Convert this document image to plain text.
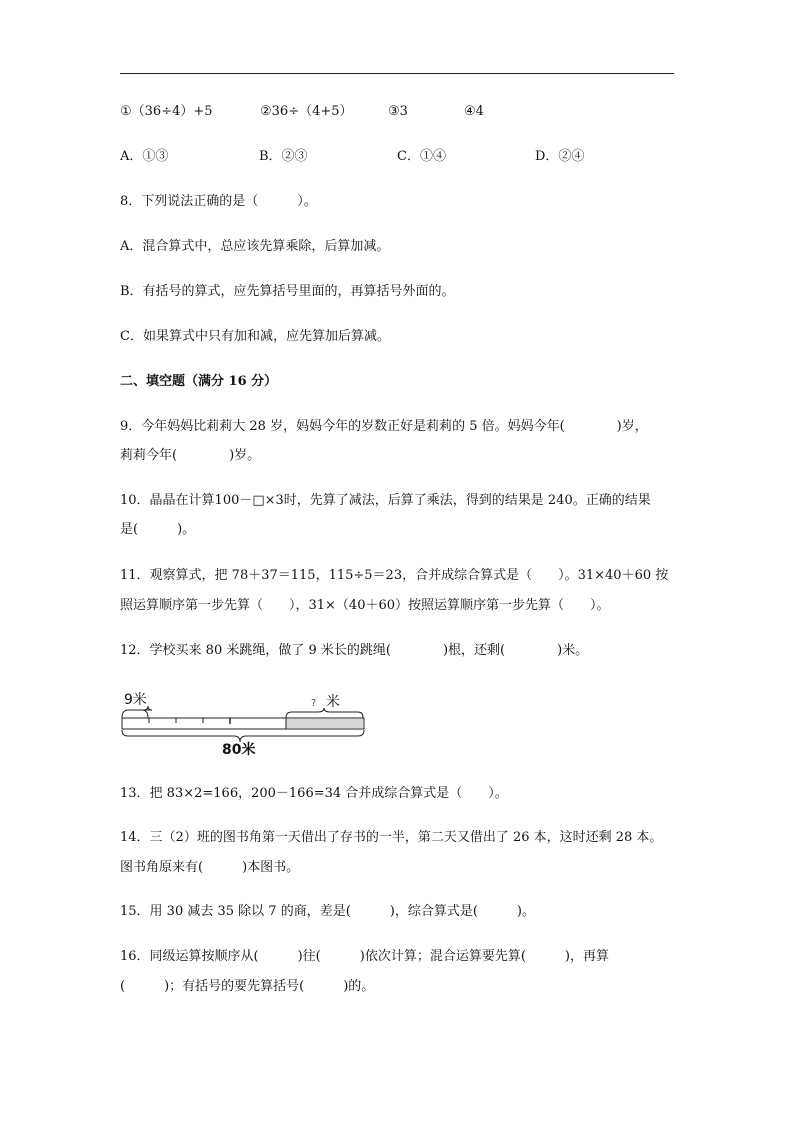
①（36÷4）+5	②36÷（4+5）	③3	④4
A．①③	B．②③	C．①④	D．②④
8．下列说法正确的是（　　　）。
A．混合算式中，总应该先算乘除，后算加减。
B．有括号的算式，应先算括号里面的，再算括号外面的。
C．如果算式中只有加和减，应先算加后算减。
二、填空题（满分 16 分）
9．今年妈妈比莉莉大 28 岁，妈妈今年的岁数正好是莉莉的 5 倍。妈妈今年(　　　　)岁，
莉莉今年(　　　　)岁。
10．晶晶在计算100－□×3时，先算了减法，后算了乘法，得到的结果是 240。正确的结果
是(　　　)。
11．观察算式，把 78＋37＝115，115÷5＝23，合并成综合算式是（　　）。31×40＋60 按
照运算顺序第一步先算（　　），31×（40＋60）按照运算顺序第一步先算（　　）。
12．学校买来 80 米跳绳，做了 9 米长的跳绳(　　　　)根，还剩(　　　　)米。
9米	? 米
80米
13．把 83×2=166，200－166=34 合并成综合算式是（　　）。
14．三（2）班的图书角第一天借出了存书的一半，第二天又借出了 26 本，这时还剩 28 本。
图书角原来有(　　　)本图书。
15．用 30 减去 35 除以 7 的商，差是(　　　)，综合算式是(　　　)。
16．同级运算按顺序从(　　　)往(　　　)依次计算；混合运算要先算(　　　)，再算
(　　　)；有括号的要先算括号(　　　)的。
